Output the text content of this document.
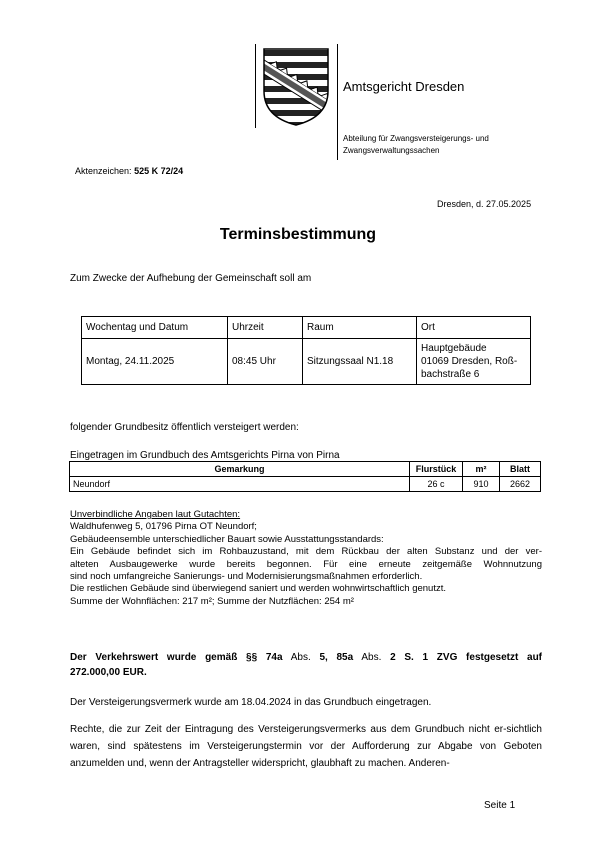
Amtsgericht Dresden
Abteilung für Zwangsversteigerungs- und Zwangsverwaltungssachen
Aktenzeichen: 525 K 72/24
Dresden, d. 27.05.2025
Terminsbestimmung
Zum Zwecke der Aufhebung der Gemeinschaft soll am
Wochentag und Datum	Uhrzeit	Raum	Ort
Montag, 24.11.2025	08:45 Uhr	Sitzungssaal N1.18	Hauptgebäude
01069 Dresden, Roß-
bachstraße 6
folgender Grundbesitz öffentlich versteigert werden:
Eingetragen im Grundbuch des Amtsgerichts Pirna von Pirna
Gemarkung	Flurstück	m²	Blatt
Neundorf	26 c	910	2662
Unverbindliche Angaben laut Gutachten:
Waldhufenweg 5, 01796 Pirna OT Neundorf;
Gebäudeensemble unterschiedlicher Bauart sowie Ausstattungsstandards:
Ein Gebäude befindet sich im Rohbauzustand, mit dem Rückbau der alten Substanz und der ver-
alteten Ausbaugewerke wurde bereits begonnen. Für eine erneute zeitgemäße Wohnnutzung
sind noch umfangreiche Sanierungs- und Modernisierungsmaßnahmen erforderlich.
Die restlichen Gebäude sind überwiegend saniert und werden wohnwirtschaftlich genutzt.
Summe der Wohnflächen: 217 m²; Summe der Nutzflächen: 254 m²
Der Verkehrswert wurde gemäß §§ 74a Abs. 5, 85a Abs. 2 S. 1 ZVG festgesetzt auf
272.000,00 EUR.
Der Versteigerungsvermerk wurde am 18.04.2024 in das Grundbuch eingetragen.
Rechte, die zur Zeit der Eintragung des Versteigerungsvermerks aus dem Grundbuch nicht er-sichtlich waren, sind spätestens im Versteigerungstermin vor der Aufforderung zur Abgabe von Geboten anzumelden und, wenn der Antragsteller widerspricht, glaubhaft zu machen. Anderen-
Seite 1
